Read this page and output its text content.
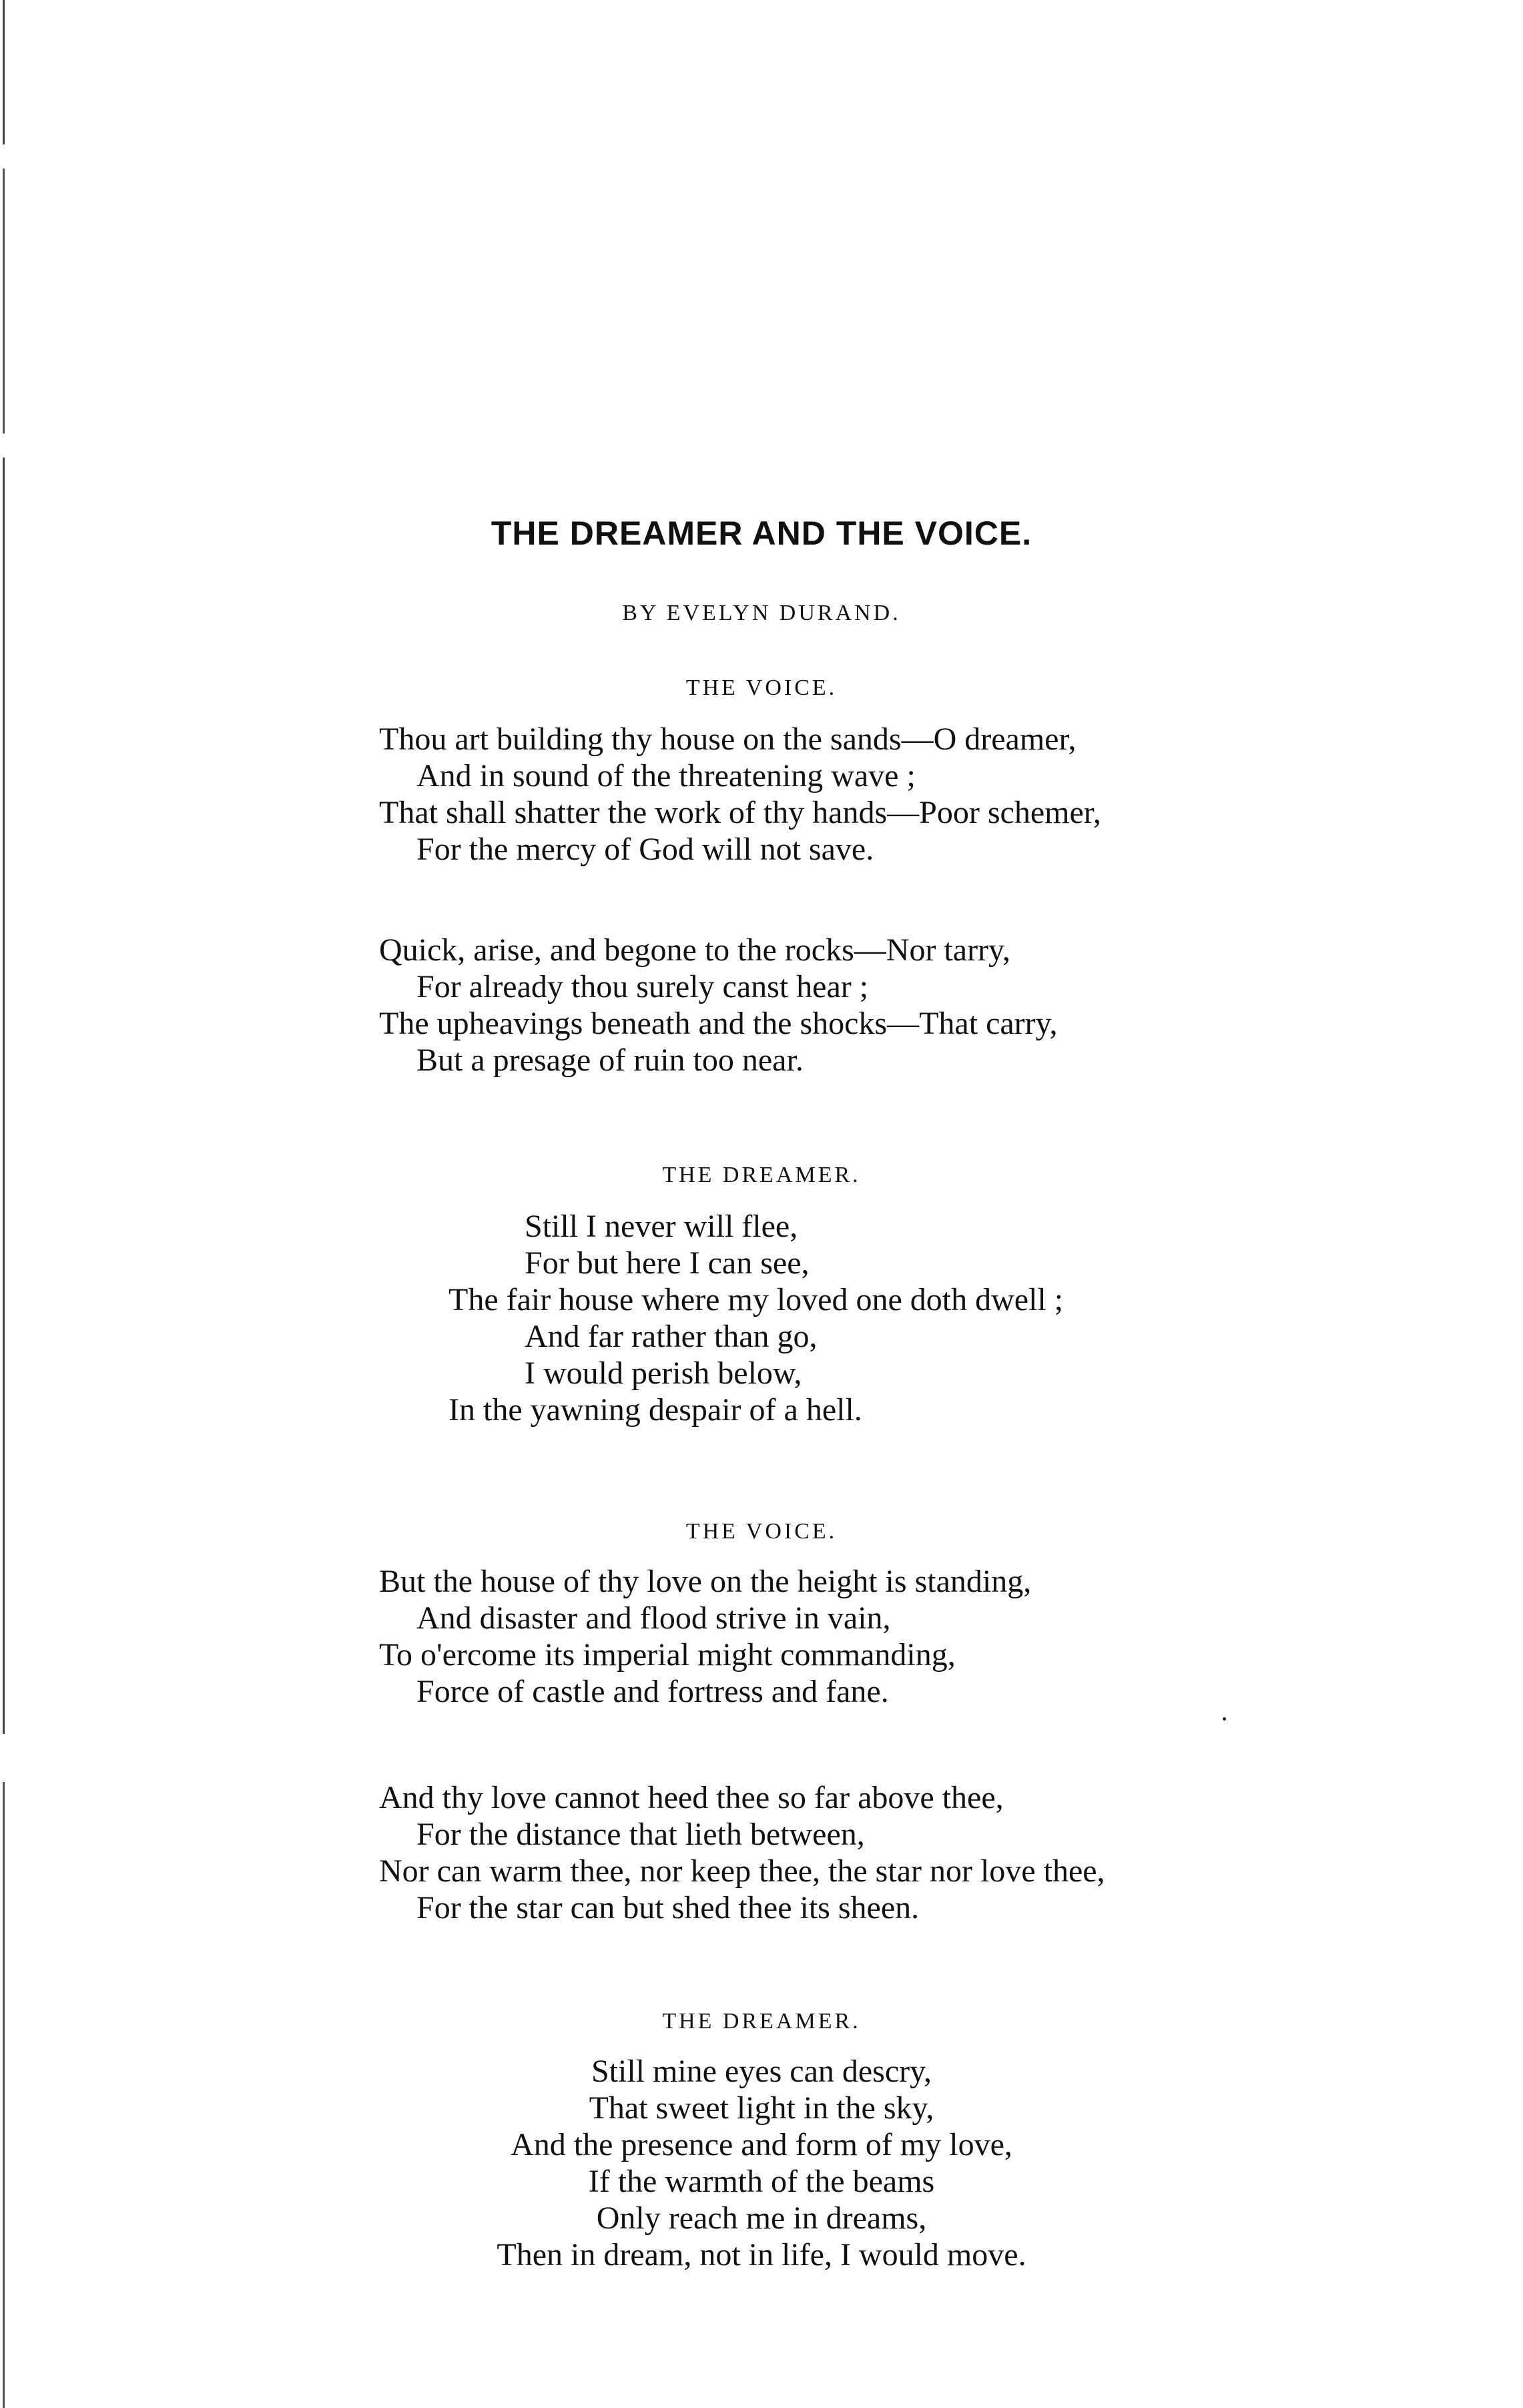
THE DREAMER AND THE VOICE.
BY EVELYN DURAND.
THE VOICE.
Thou art building thy house on the sands—O dreamer,
And in sound of the threatening wave ;
That shall shatter the work of thy hands—Poor schemer,
For the mercy of God will not save.
Quick, arise, and begone to the rocks—Nor tarry,
For already thou surely canst hear ;
The upheavings beneath and the shocks—That carry,
But a presage of ruin too near.
THE DREAMER.
Still I never will flee,
For but here I can see,
The fair house where my loved one doth dwell ;
And far rather than go,
I would perish below,
In the yawning despair of a hell.
THE VOICE.
But the house of thy love on the height is standing,
And disaster and flood strive in vain,
To o'ercome its imperial might commanding,
Force of castle and fortress and fane.
And thy love cannot heed thee so far above thee,
For the distance that lieth between,
Nor can warm thee, nor keep thee, the star nor love thee,
For the star can but shed thee its sheen.
THE DREAMER.
Still mine eyes can descry,
That sweet light in the sky,
And the presence and form of my love,
If the warmth of the beams
Only reach me in dreams,
Then in dream, not in life, I would move.
